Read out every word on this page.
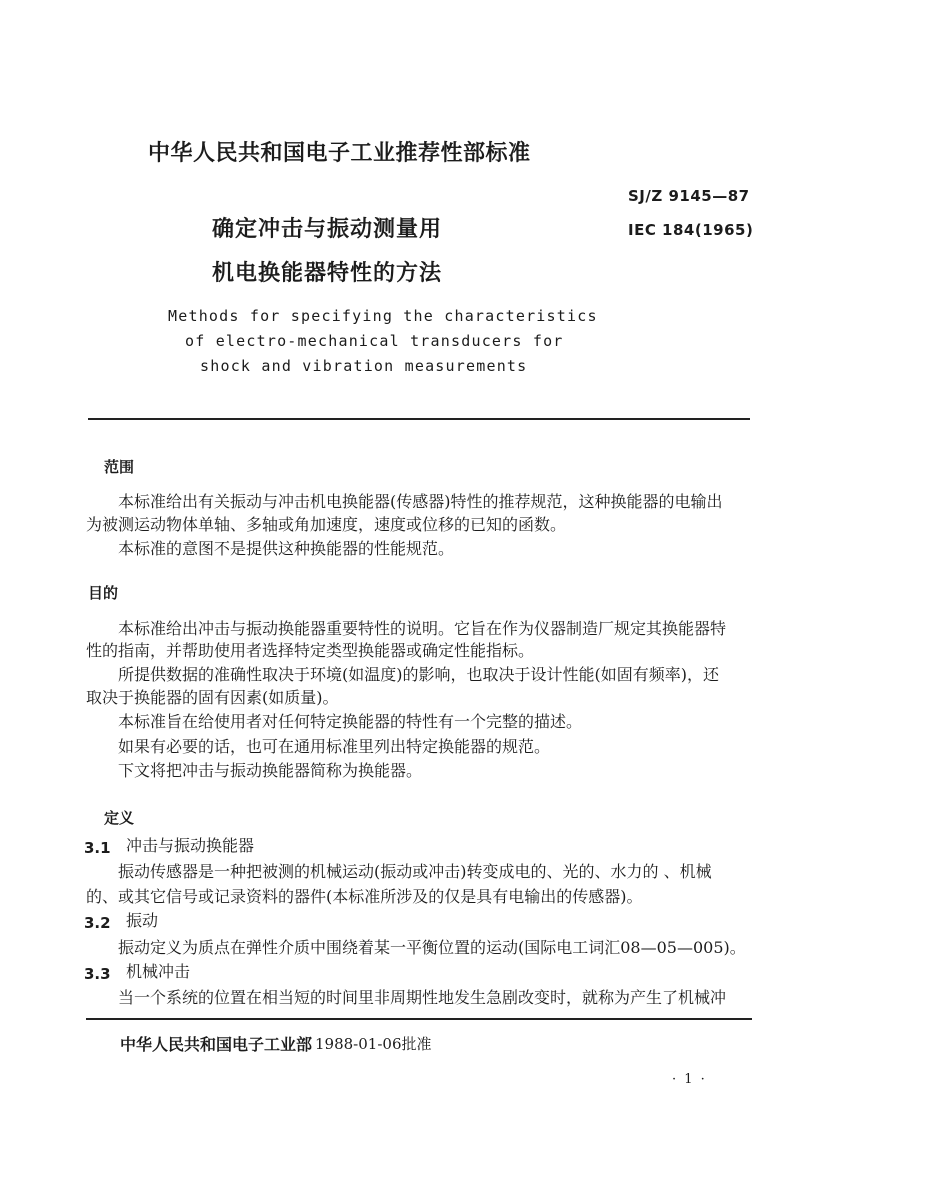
中华人民共和国电子工业推荐性部标准
SJ/Z 9145—87
IEC 184(1965)
确定冲击与振动测量用
机电换能器特性的方法
Methods for specifying the characteristics
of electro-mechanical transducers for
shock and vibration measurements
范围
本标准给出有关振动与冲击机电换能器(传感器)特性的推荐规范，这种换能器的电输出
为被测运动物体单轴、多轴或角加速度，速度或位移的已知的函数。
本标准的意图不是提供这种换能器的性能规范。
目的
本标准给出冲击与振动换能器重要特性的说明。它旨在作为仪器制造厂规定其换能器特
性的指南，并帮助使用者选择特定类型换能器或确定性能指标。
所提供数据的准确性取决于环境(如温度)的影响，也取决于设计性能(如固有频率)，还
取决于换能器的固有因素(如质量)。
本标准旨在给使用者对任何特定换能器的特性有一个完整的描述。
如果有必要的话，也可在通用标准里列出特定换能器的规范。
下文将把冲击与振动换能器简称为换能器。
定义
3.1 冲击与振动换能器
振动传感器是一种把被测的机械运动(振动或冲击)转变成电的、光的、水力的 、机械
的、或其它信号或记录资料的器件(本标准所涉及的仅是具有电输出的传感器)。
3.2 振动
振动定义为质点在弹性介质中围绕着某一平衡位置的运动(国际电工词汇08—05—005)。
3.3 机械冲击
当一个系统的位置在相当短的时间里非周期性地发生急剧改变时，就称为产生了机械冲
中华人民共和国电子工业部 1988-01-06批准
· 1 ·
